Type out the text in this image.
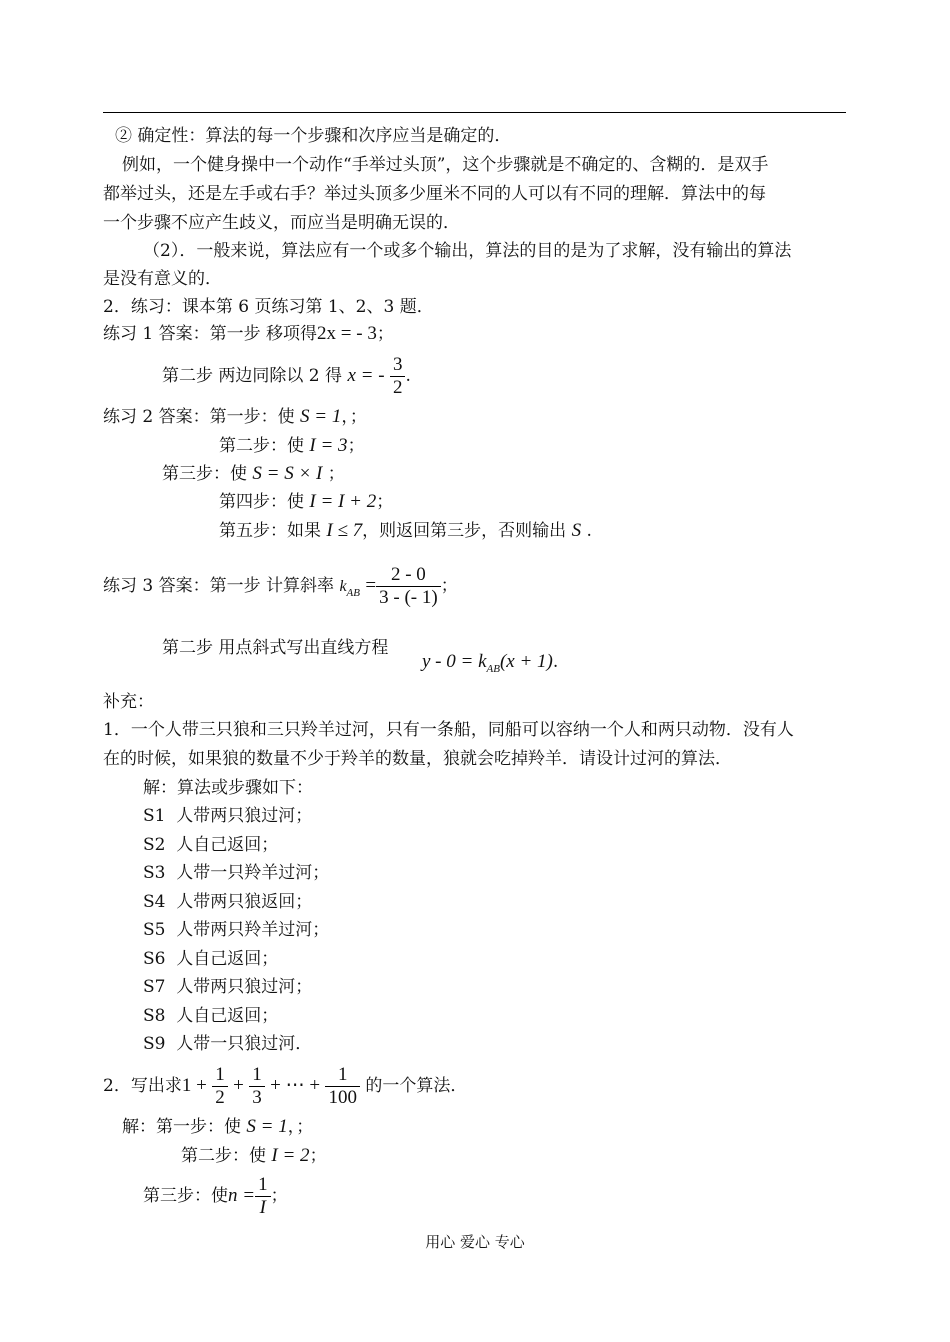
② 确定性：算法的每一个步骤和次序应当是确定的．
例如，一个健身操中一个动作“手举过头顶”，这个步骤就是不确定的、含糊的．是双手
都举过头，还是左手或右手？举过头顶多少厘米不同的人可以有不同的理解．算法中的每
一个步骤不应产生歧义，而应当是明确无误的．
（2）．一般来说，算法应有一个或多个输出，算法的目的是为了求解，没有输出的算法
是没有意义的．
2．练习：课本第 6 页练习第 1、2、3 题．
练习 1 答案：第一步 移项得2x = - 3；
第二步 两边同除以 2 得 x = - $\frac{3}{2}$ .
练习 2 答案：第一步：使 S = 1，；
第二步：使 I = 3；
第三步：使 S = S × I ；
第四步：使 I = I + 2；
第五步：如果 I ≤ 7，则返回第三步，否则输出 S .
练习 3 答案：第一步 计算斜率 $k_{AB} = \frac{2 - 0}{3 - (- 1)}$ ；
第二步 用点斜式写出直线方程
$y - 0 = k_{AB}(x + 1)$.
补充：
1．一个人带三只狼和三只羚羊过河，只有一条船，同船可以容纳一个人和两只动物．没有人
在的时候，如果狼的数量不少于羚羊的数量，狼就会吃掉羚羊．请设计过河的算法．
解：算法或步骤如下：
S1 人带两只狼过河；
S2 人自己返回；
S3 人带一只羚羊过河；
S4 人带两只狼返回；
S5 人带两只羚羊过河；
S6 人自己返回；
S7 人带两只狼过河；
S8 人自己返回；
S9 人带一只狼过河．
2．写出求$1 + \frac{1}{2} + \frac{1}{3}$ + ⋯ + $\frac{1}{100}$ 的一个算法．
解：第一步：使 S = 1，；
第二步：使 I = 2；
第三步：使$n = \frac{1}{I}$ ；
用心 爱心 专心
